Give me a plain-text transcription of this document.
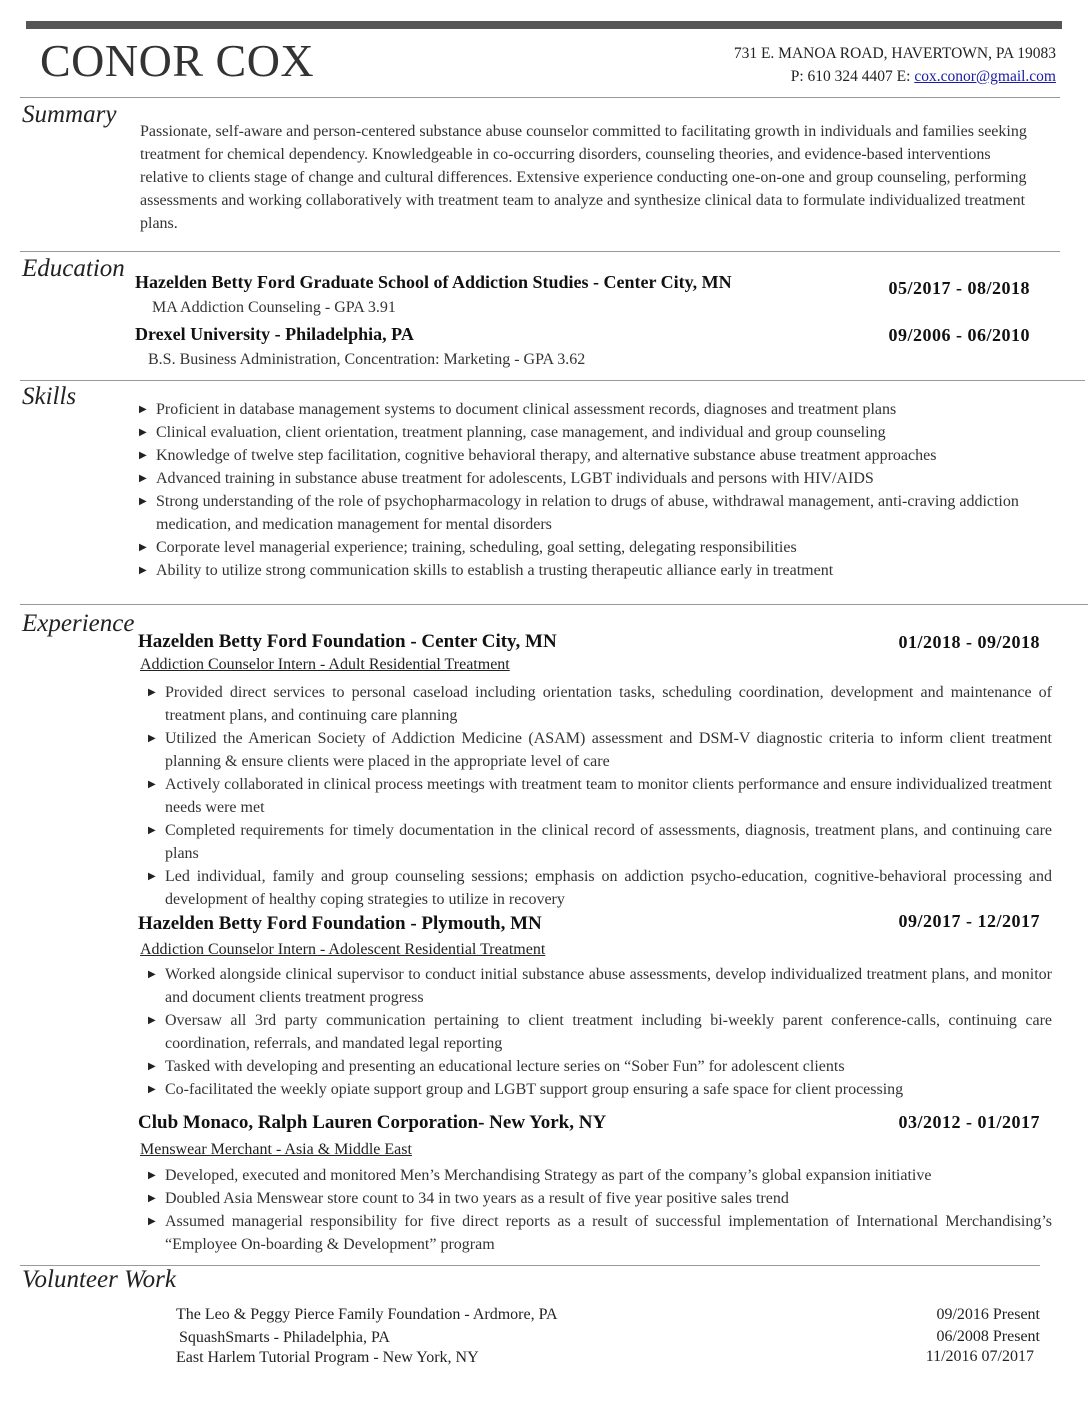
CONOR COX	731 E. MANOA ROAD, HAVERTOWN, PA 19083
P: 610 324 4407 E: cox.conor@gmail.com
Summary
Passionate, self-aware and person-centered substance abuse counselor committed to facilitating growth in individuals and families seeking treatment for chemical dependency. Knowledgeable in co-occurring disorders, counseling theories, and evidence-based interventions relative to clients stage of change and cultural differences. Extensive experience conducting one-on-one and group counseling, performing assessments and working collaboratively with treatment team to analyze and synthesize clinical data to formulate individualized treatment plans.
Education Hazelden Betty Ford Graduate School of Addiction Studies - Center City, MN	05/2017 - 08/2018
MA Addiction Counseling - GPA 3.91
Drexel University - Philadelphia, PA	09/2006 - 06/2010
B.S. Business Administration, Concentration: Marketing - GPA 3.62
Skills	▶ Proficient in database management systems to document clinical assessment records, diagnoses and treatment plans
▶ Clinical evaluation, client orientation, treatment planning, case management, and individual and group counseling
▶ Knowledge of twelve step facilitation, cognitive behavioral therapy, and alternative substance abuse treatment approaches
▶ Advanced training in substance abuse treatment for adolescents, LGBT individuals and persons with HIV/AIDS
▶ Strong understanding of the role of psychopharmacology in relation to drugs of abuse, withdrawal management, anti-craving addiction medication, and medication management for mental disorders
▶ Corporate level managerial experience; training, scheduling, goal setting, delegating responsibilities
▶ Ability to utilize strong communication skills to establish a trusting therapeutic alliance early in treatment
Experience
Hazelden Betty Ford Foundation - Center City, MN	01/2018 - 09/2018
Addiction Counselor Intern - Adult Residential Treatment
▶ Provided direct services to personal caseload including orientation tasks, scheduling coordination, development and maintenance of treatment plans, and continuing care planning
▶ Utilized the American Society of Addiction Medicine (ASAM) assessment and DSM-V diagnostic criteria to inform client treatment planning & ensure clients were placed in the appropriate level of care
▶ Actively collaborated in clinical process meetings with treatment team to monitor clients performance and ensure individualized treatment needs were met
▶ Completed requirements for timely documentation in the clinical record of assessments, diagnosis, treatment plans, and continuing care plans
▶ Led individual, family and group counseling sessions; emphasis on addiction psycho-education, cognitive-behavioral processing and development of healthy coping strategies to utilize in recovery
Hazelden Betty Ford Foundation - Plymouth, MN	09/2017 - 12/2017
Addiction Counselor Intern - Adolescent Residential Treatment
▶ Worked alongside clinical supervisor to conduct initial substance abuse assessments, develop individualized treatment plans, and monitor and document clients treatment progress
▶ Oversaw all 3rd party communication pertaining to client treatment including bi-weekly parent conference-calls, continuing care coordination, referrals, and mandated legal reporting
▶ Tasked with developing and presenting an educational lecture series on “Sober Fun” for adolescent clients
▶ Co-facilitated the weekly opiate support group and LGBT support group ensuring a safe space for client processing
Club Monaco, Ralph Lauren Corporation- New York, NY	03/2012 - 01/2017
Menswear Merchant - Asia & Middle East
▶ Developed, executed and monitored Men’s Merchandising Strategy as part of the company’s global expansion initiative
▶ Doubled Asia Menswear store count to 34 in two years as a result of five year positive sales trend
▶ Assumed managerial responsibility for five direct reports as a result of successful implementation of International Merchandising’s “Employee On-boarding & Development” program
Volunteer Work
The Leo & Peggy Pierce Family Foundation - Ardmore, PA	09/2016 Present
SquashSmarts - Philadelphia, PA	06/2008 Present
East Harlem Tutorial Program - New York, NY	11/2016 07/2017
